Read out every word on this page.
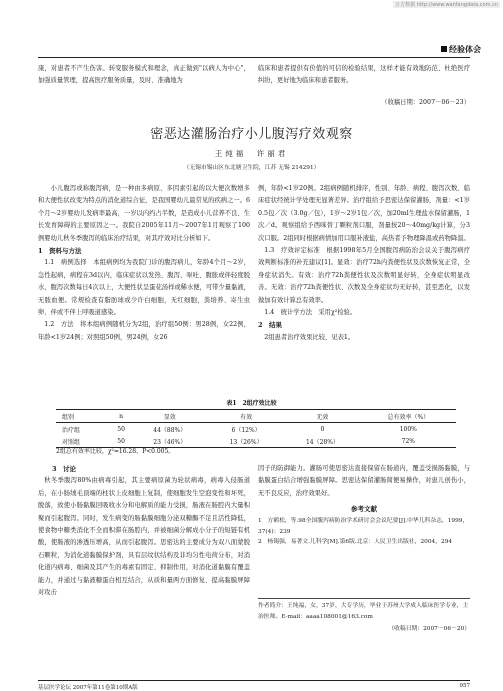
万方数据 http://www.wanfangdata.com.cn
经验体会
康，对患者不产生伤害。转变服务模式和理念，真正做到"以病人为中心"，加强质量管理，提高医疗服务质量，及时、准确地为
临床和患者提供有价值的可信的检验结果，这样才能有效地防范、杜绝医疗纠纷，更好地为临床和患者服务。
（收稿日期：2007－06－23）
密恶达灌肠治疗小儿腹泻疗效观察
王纯福　许丽君
（无锡市锡山区东北塘卫生院，江苏 无锡 214291）
小儿腹泻或称腹泻病，是一种由多病原、多因素引起的以大便次数增多和大便性状改变为特点的消化道综合征，是我国婴幼儿最常见的疾病之一。6个月～2岁婴幼儿发病率最高，一岁以内约占半数，是造成小儿营养不良、生长发育障碍的主要原因之一。我院自2005年11月～2007年1月观察了100例婴幼儿秋冬季腹泻的临床治疗结果，对其疗效对比分析如下。
1　资料与方法
1.1　病例选择　本组病例均为我院门诊的腹泻病儿，年龄4个月～2岁，急性起病，病程在3d以内，临床症状以发热、腹泻、呕吐、腹胀或伴轻度脱水，腹泻次数每日4次以上，大便性状呈蛋花汤样或稀水便，可带少量黏液，无脓血便。常规检查有脂肪球或少许白细胞，无红细胞，粪培养、寄生虫卵、伴或不伴上呼吸道感染。
1.2　方法　将本组病例随机分为2组，治疗组50例：男28例，女22例，年龄<1岁24例；对照组50例，男24例，女26
例，年龄<1岁20例。2组病例随机排序，性别、年龄、病程、腹泻次数、临床症状经统计学处理无显著差异。治疗组给予思密达保留灌肠，剂量：<1岁0.5包／次（3.0g／包），1岁～2岁1包／次，加20ml生理盐水保留灌肠，1次／d。观察组给予西咪替丁颗粒剂口服，剂量按20～40mg/kg计算，分3次口服。2组同时根据病情加用口服补液盐，高热者予物理降温或药物降温。
1.3　疗效评定标准　根据1998年5月全国腹泻病防治会议关于腹泻病疗效判断标准的补充建议[1]。显效：治疗72h内粪便性状及次数恢复正常，全身症状消失。有效：治疗72h粪便性状及次数明显好转，全身症状明显改善。无效：治疗72h粪便性状、次数及全身症状均无好转，甚至恶化，以发做加有效计算总有效率。
1.4　统计学方法　采用χ²检验。
2　结果
2组患者治疗效果比较，见表1。
表1　2组疗效比较
组别	n	显效	有效	无效	总有效率（%）
治疗组	50	44（88%）	6（12%）	0	100%
对照组	50	23（46%）	13（26%）	14（28%）	72%
2组总有效率比较，χ²=16.28，P<0.005。
3　讨论
秋冬季腹泻80%由病毒引起，其主要病原菌为轮状病毒，病毒入侵肠道后，在小肠绒毛顶端的柱状上皮细胞上复制，使细胞发生空泡变性和坏死，脱落，致使小肠黏膜回吸收水分和电解质的能力受损，肠液在肠腔内大量积聚而引起腹泻。同时，发生病变的肠黏膜细胞分泌双糖酶不足且活性降低，使食物中糖类消化不全而积滞在肠腔内，并被细菌分解成小分子的短链有机酸，使肠液的渗透压增高，从而引起腹泻。思密达的主要成分为双八面蒙脱石颗粒，为消化道黏膜保护剂，具有层纹状结构及非均匀性电荷分布，对消化道内病毒、细菌及其产生的毒素有固定、抑制作用，对消化道黏膜有覆盖能力，并通过与黏液糖蛋白相互结合，从质和量两方面修复、提高黏膜屏障对攻击
因子的防御能力。灌肠可使思密达直接保留在肠道内，覆盖受损肠黏膜，与黏膜蛋白结合增强黏膜屏障。思密达保留灌肠简便易操作，对患儿创伤小，无不良反应，治疗效果好。
参考文献
1　方鹤松，等.98全国腹泻病防治学术研讨会会议纪要[J].中华儿科杂志，1999，37(4)：239
2　杨锡强，易著文.儿科学[M].第6版.北京：人民卫生出版社，2004，294
作者简介：王纯福，女，37岁，大专学历，毕业于苏州大学成人临床医学专业，主治医师。E-mail：aaaa108001@163.com
（收稿日期：2007－06－20）
基层医学论坛 2007年第11卷第10期A版	957
